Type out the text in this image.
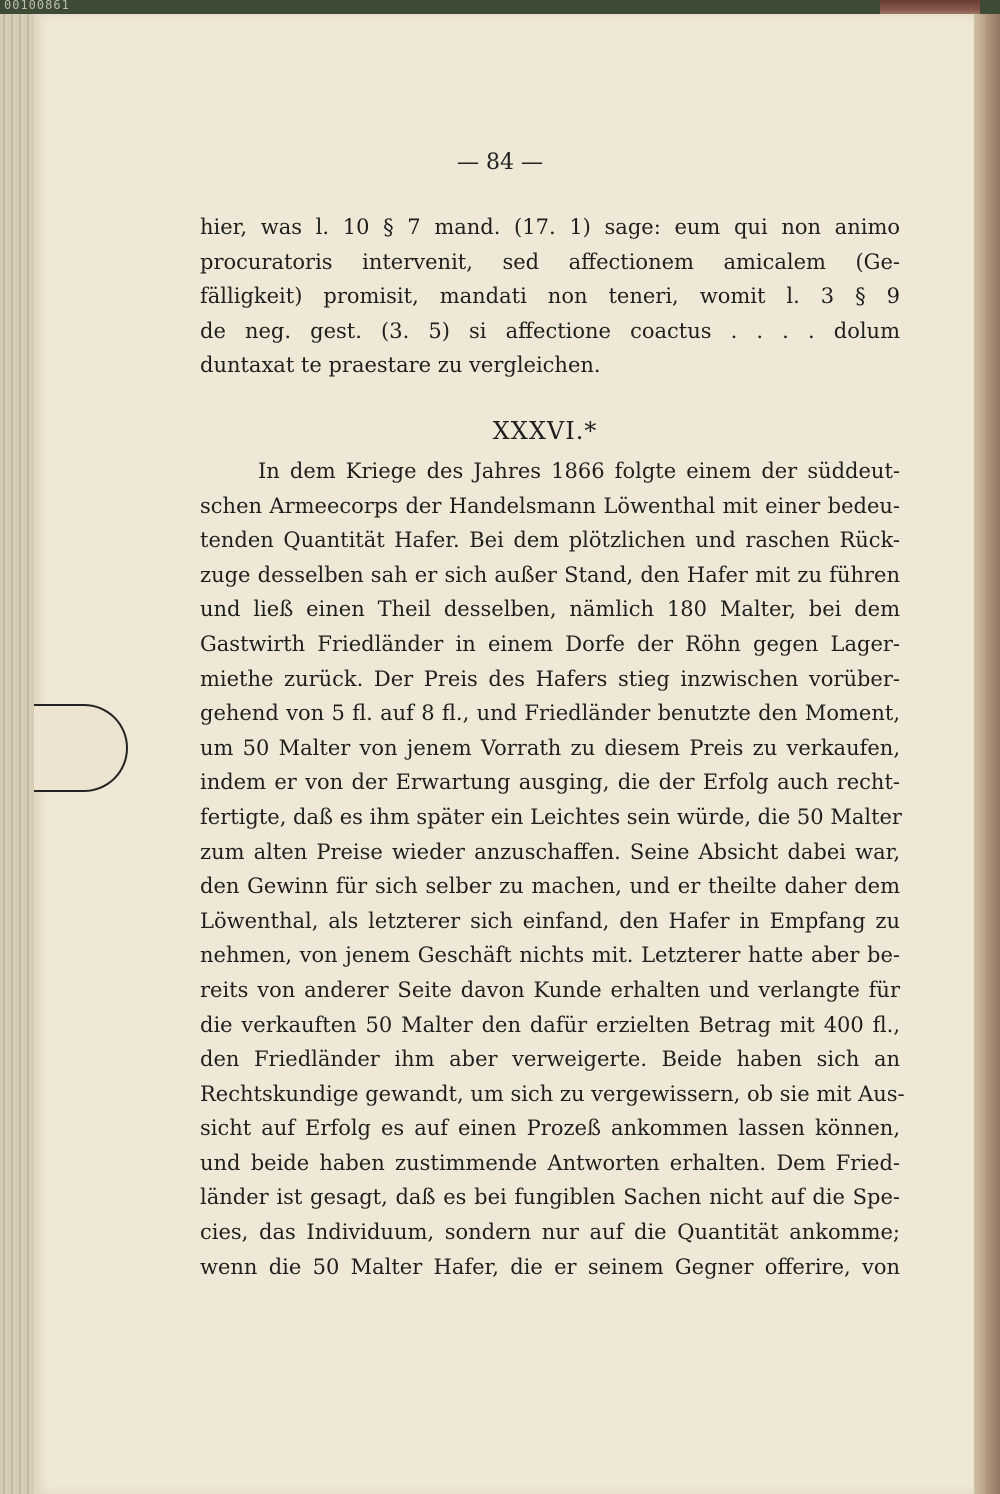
00100861
— 84 —
hier, was l. 10 § 7 mand. (17. 1) sage: eum qui non animo
procuratoris intervenit, sed affectionem amicalem (Ge-
fälligkeit) promisit, mandati non teneri, womit l. 3 § 9
de neg. gest. (3. 5) si affectione coactus . . . . dolum
duntaxat te praestare zu vergleichen.
XXXVI.*
In dem Kriege des Jahres 1866 folgte einem der süddeut-
schen Armeecorps der Handelsmann Löwenthal mit einer bedeu-
tenden Quantität Hafer. Bei dem plötzlichen und raschen Rück-
zuge desselben sah er sich außer Stand, den Hafer mit zu führen
und ließ einen Theil desselben, nämlich 180 Malter, bei dem
Gastwirth Friedländer in einem Dorfe der Röhn gegen Lager-
miethe zurück. Der Preis des Hafers stieg inzwischen vorüber-
gehend von 5 fl. auf 8 fl., und Friedländer benutzte den Moment,
um 50 Malter von jenem Vorrath zu diesem Preis zu verkaufen,
indem er von der Erwartung ausging, die der Erfolg auch recht-
fertigte, daß es ihm später ein Leichtes sein würde, die 50 Malter
zum alten Preise wieder anzuschaffen. Seine Absicht dabei war,
den Gewinn für sich selber zu machen, und er theilte daher dem
Löwenthal, als letzterer sich einfand, den Hafer in Empfang zu
nehmen, von jenem Geschäft nichts mit. Letzterer hatte aber be-
reits von anderer Seite davon Kunde erhalten und verlangte für
die verkauften 50 Malter den dafür erzielten Betrag mit 400 fl.,
den Friedländer ihm aber verweigerte. Beide haben sich an
Rechtskundige gewandt, um sich zu vergewissern, ob sie mit Aus-
sicht auf Erfolg es auf einen Prozeß ankommen lassen können,
und beide haben zustimmende Antworten erhalten. Dem Fried-
länder ist gesagt, daß es bei fungiblen Sachen nicht auf die Spe-
cies, das Individuum, sondern nur auf die Quantität ankomme;
wenn die 50 Malter Hafer, die er seinem Gegner offerire, von
